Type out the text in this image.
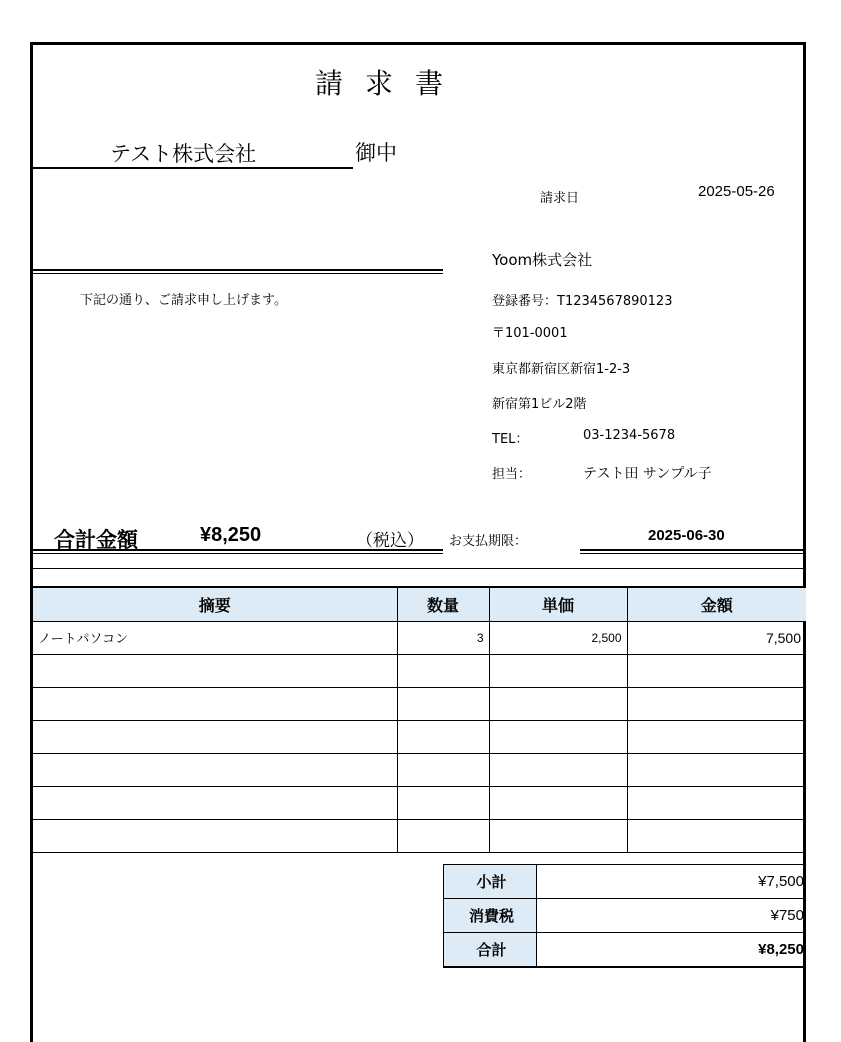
請求書
テスト株式会社	御中
請求日	2025-05-26
下記の通り、ご請求申し上げます。
Yoom株式会社
登録番号：T1234567890123
〒101-0001
東京都新宿区新宿1-2-3
新宿第1ビル2階
TEL：	03-1234-5678
担当：	テスト田 サンプル子
合計金額	¥8,250	（税込） お支払期限：	2025-06-30
摘要	数量	単価	金額
ノートパソコン	3	2,500	7,500

小計	¥7,500
消費税	¥750
合計	¥8,250
